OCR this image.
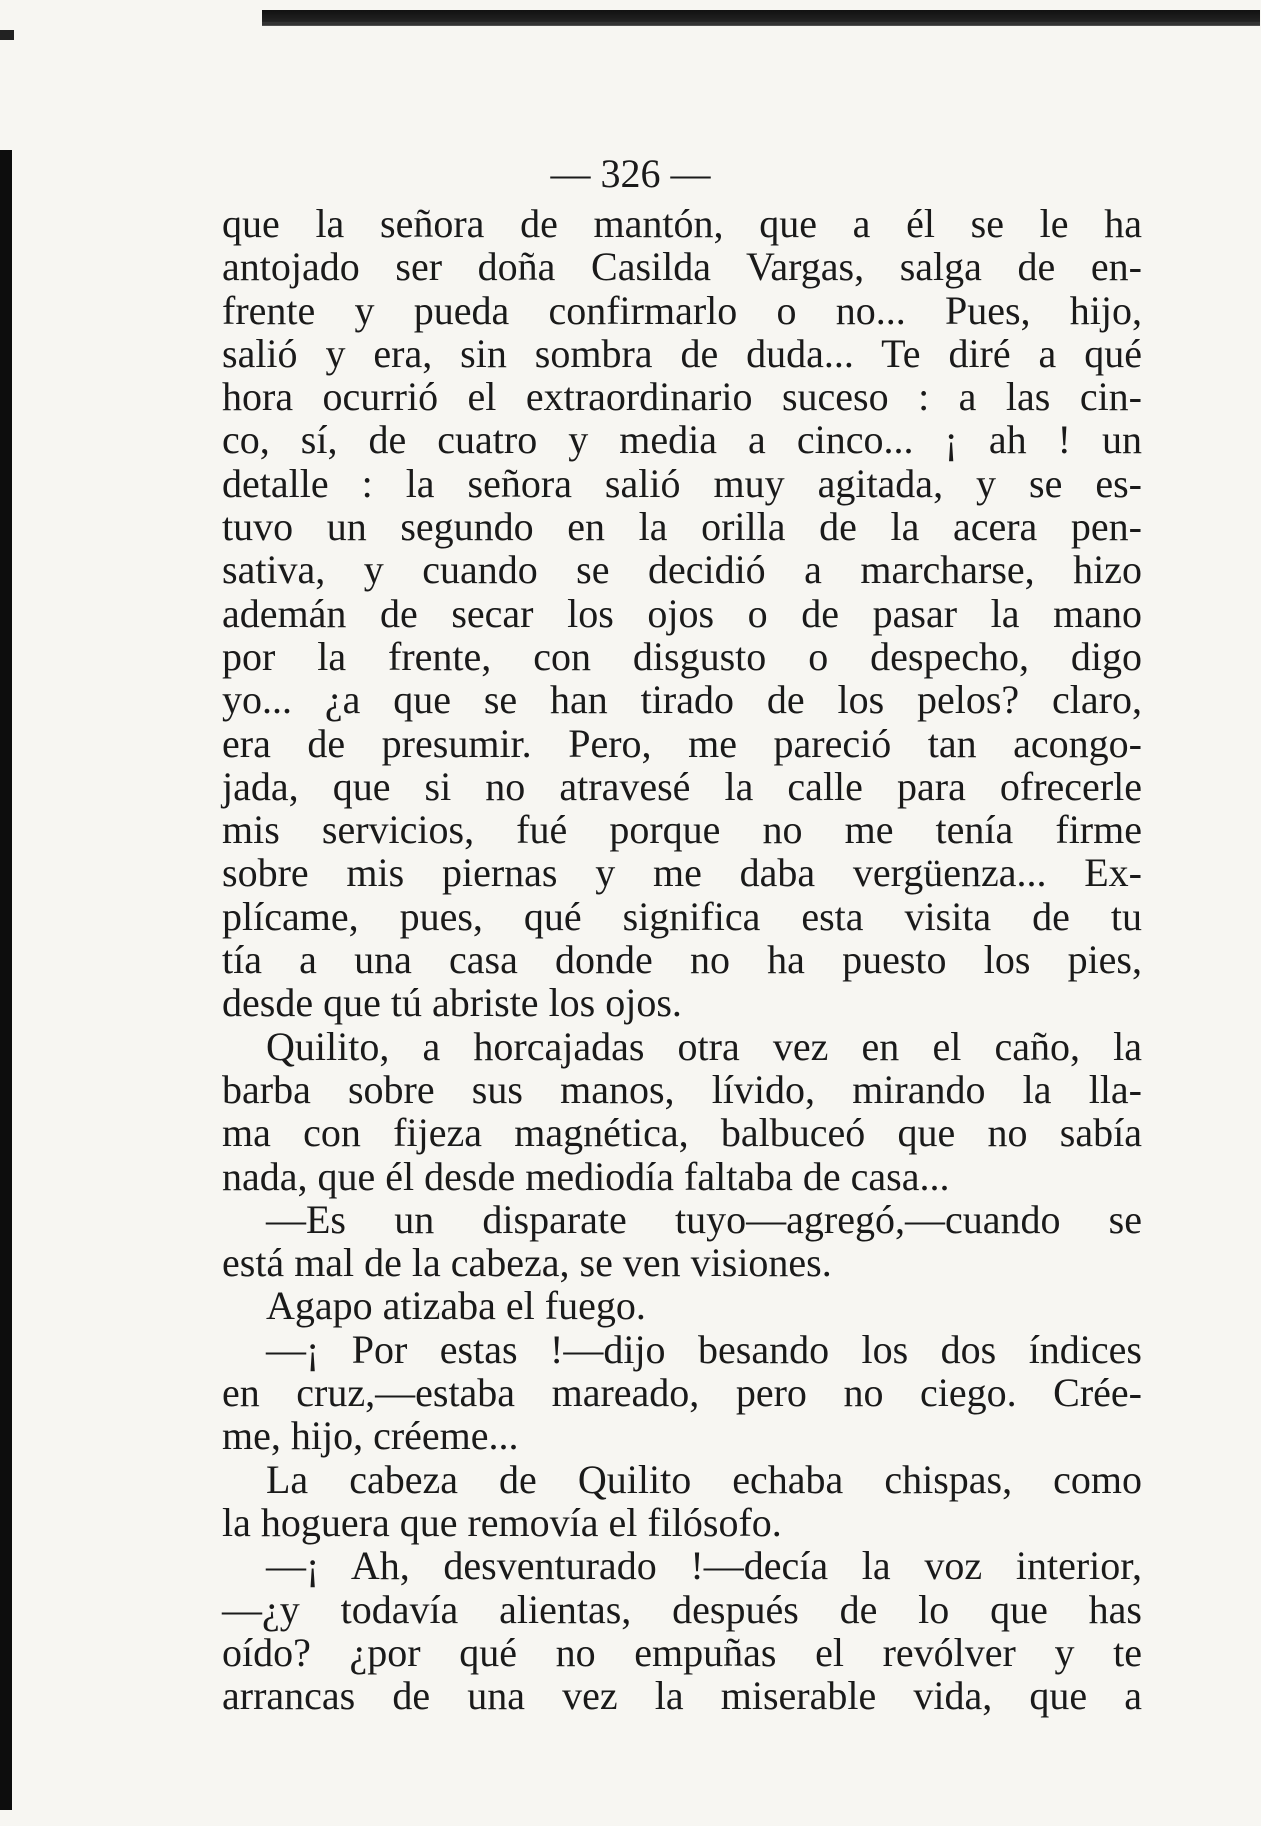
— 326 —
que la señora de mantón, que a él se le ha
antojado ser doña Casilda Vargas, salga de en-
frente y pueda confirmarlo o no... Pues, hijo,
salió y era, sin sombra de duda... Te diré a qué
hora ocurrió el extraordinario suceso : a las cin-
co, sí, de cuatro y media a cinco... ¡ ah ! un
detalle : la señora salió muy agitada, y se es-
tuvo un segundo en la orilla de la acera pen-
sativa, y cuando se decidió a marcharse, hizo
ademán de secar los ojos o de pasar la mano
por la frente, con disgusto o despecho, digo
yo... ¿a que se han tirado de los pelos? claro,
era de presumir. Pero, me pareció tan acongo-
jada, que si no atravesé la calle para ofrecerle
mis servicios, fué porque no me tenía firme
sobre mis piernas y me daba vergüenza... Ex-
plícame, pues, qué significa esta visita de tu
tía a una casa donde no ha puesto los pies,
desde que tú abriste los ojos.
Quilito, a horcajadas otra vez en el caño, la
barba sobre sus manos, lívido, mirando la lla-
ma con fijeza magnética, balbuceó que no sabía
nada, que él desde mediodía faltaba de casa...
—Es un disparate tuyo—agregó,—cuando se
está mal de la cabeza, se ven visiones.
Agapo atizaba el fuego.
—¡ Por estas !—dijo besando los dos índices
en cruz,—estaba mareado, pero no ciego. Crée-
me, hijo, créeme...
La cabeza de Quilito echaba chispas, como
la hoguera que removía el filósofo.
—¡ Ah, desventurado !—decía la voz interior,
—¿y todavía alientas, después de lo que has
oído? ¿por qué no empuñas el revólver y te
arrancas de una vez la miserable vida, que a
